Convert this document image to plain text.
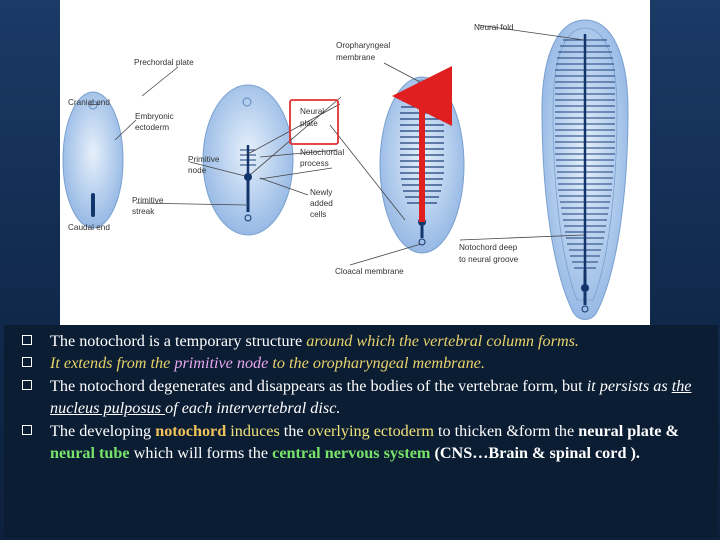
Prechordal plate
Cranial end
Embryonic
ectoderm
Primitive
node
Primitive
streak
Caudal end
Neural
plate
Notochordal
process
Newly
added
cells
Oropharyngeal
membrane
Neural fold
Notochord deep
to neural groove
Cloacal membrane
The notochord is a temporary structure around which the vertebral column forms.
It extends from the primitive node to the oropharyngeal membrane.
The notochord degenerates and disappears as the bodies of the vertebrae form, but it persists as the nucleus pulposus of each intervertebral disc.
The developing notochord induces the overlying ectoderm to thicken &form the neural plate & neural tube which will forms the central nervous system (CNS…Brain & spinal cord ).
